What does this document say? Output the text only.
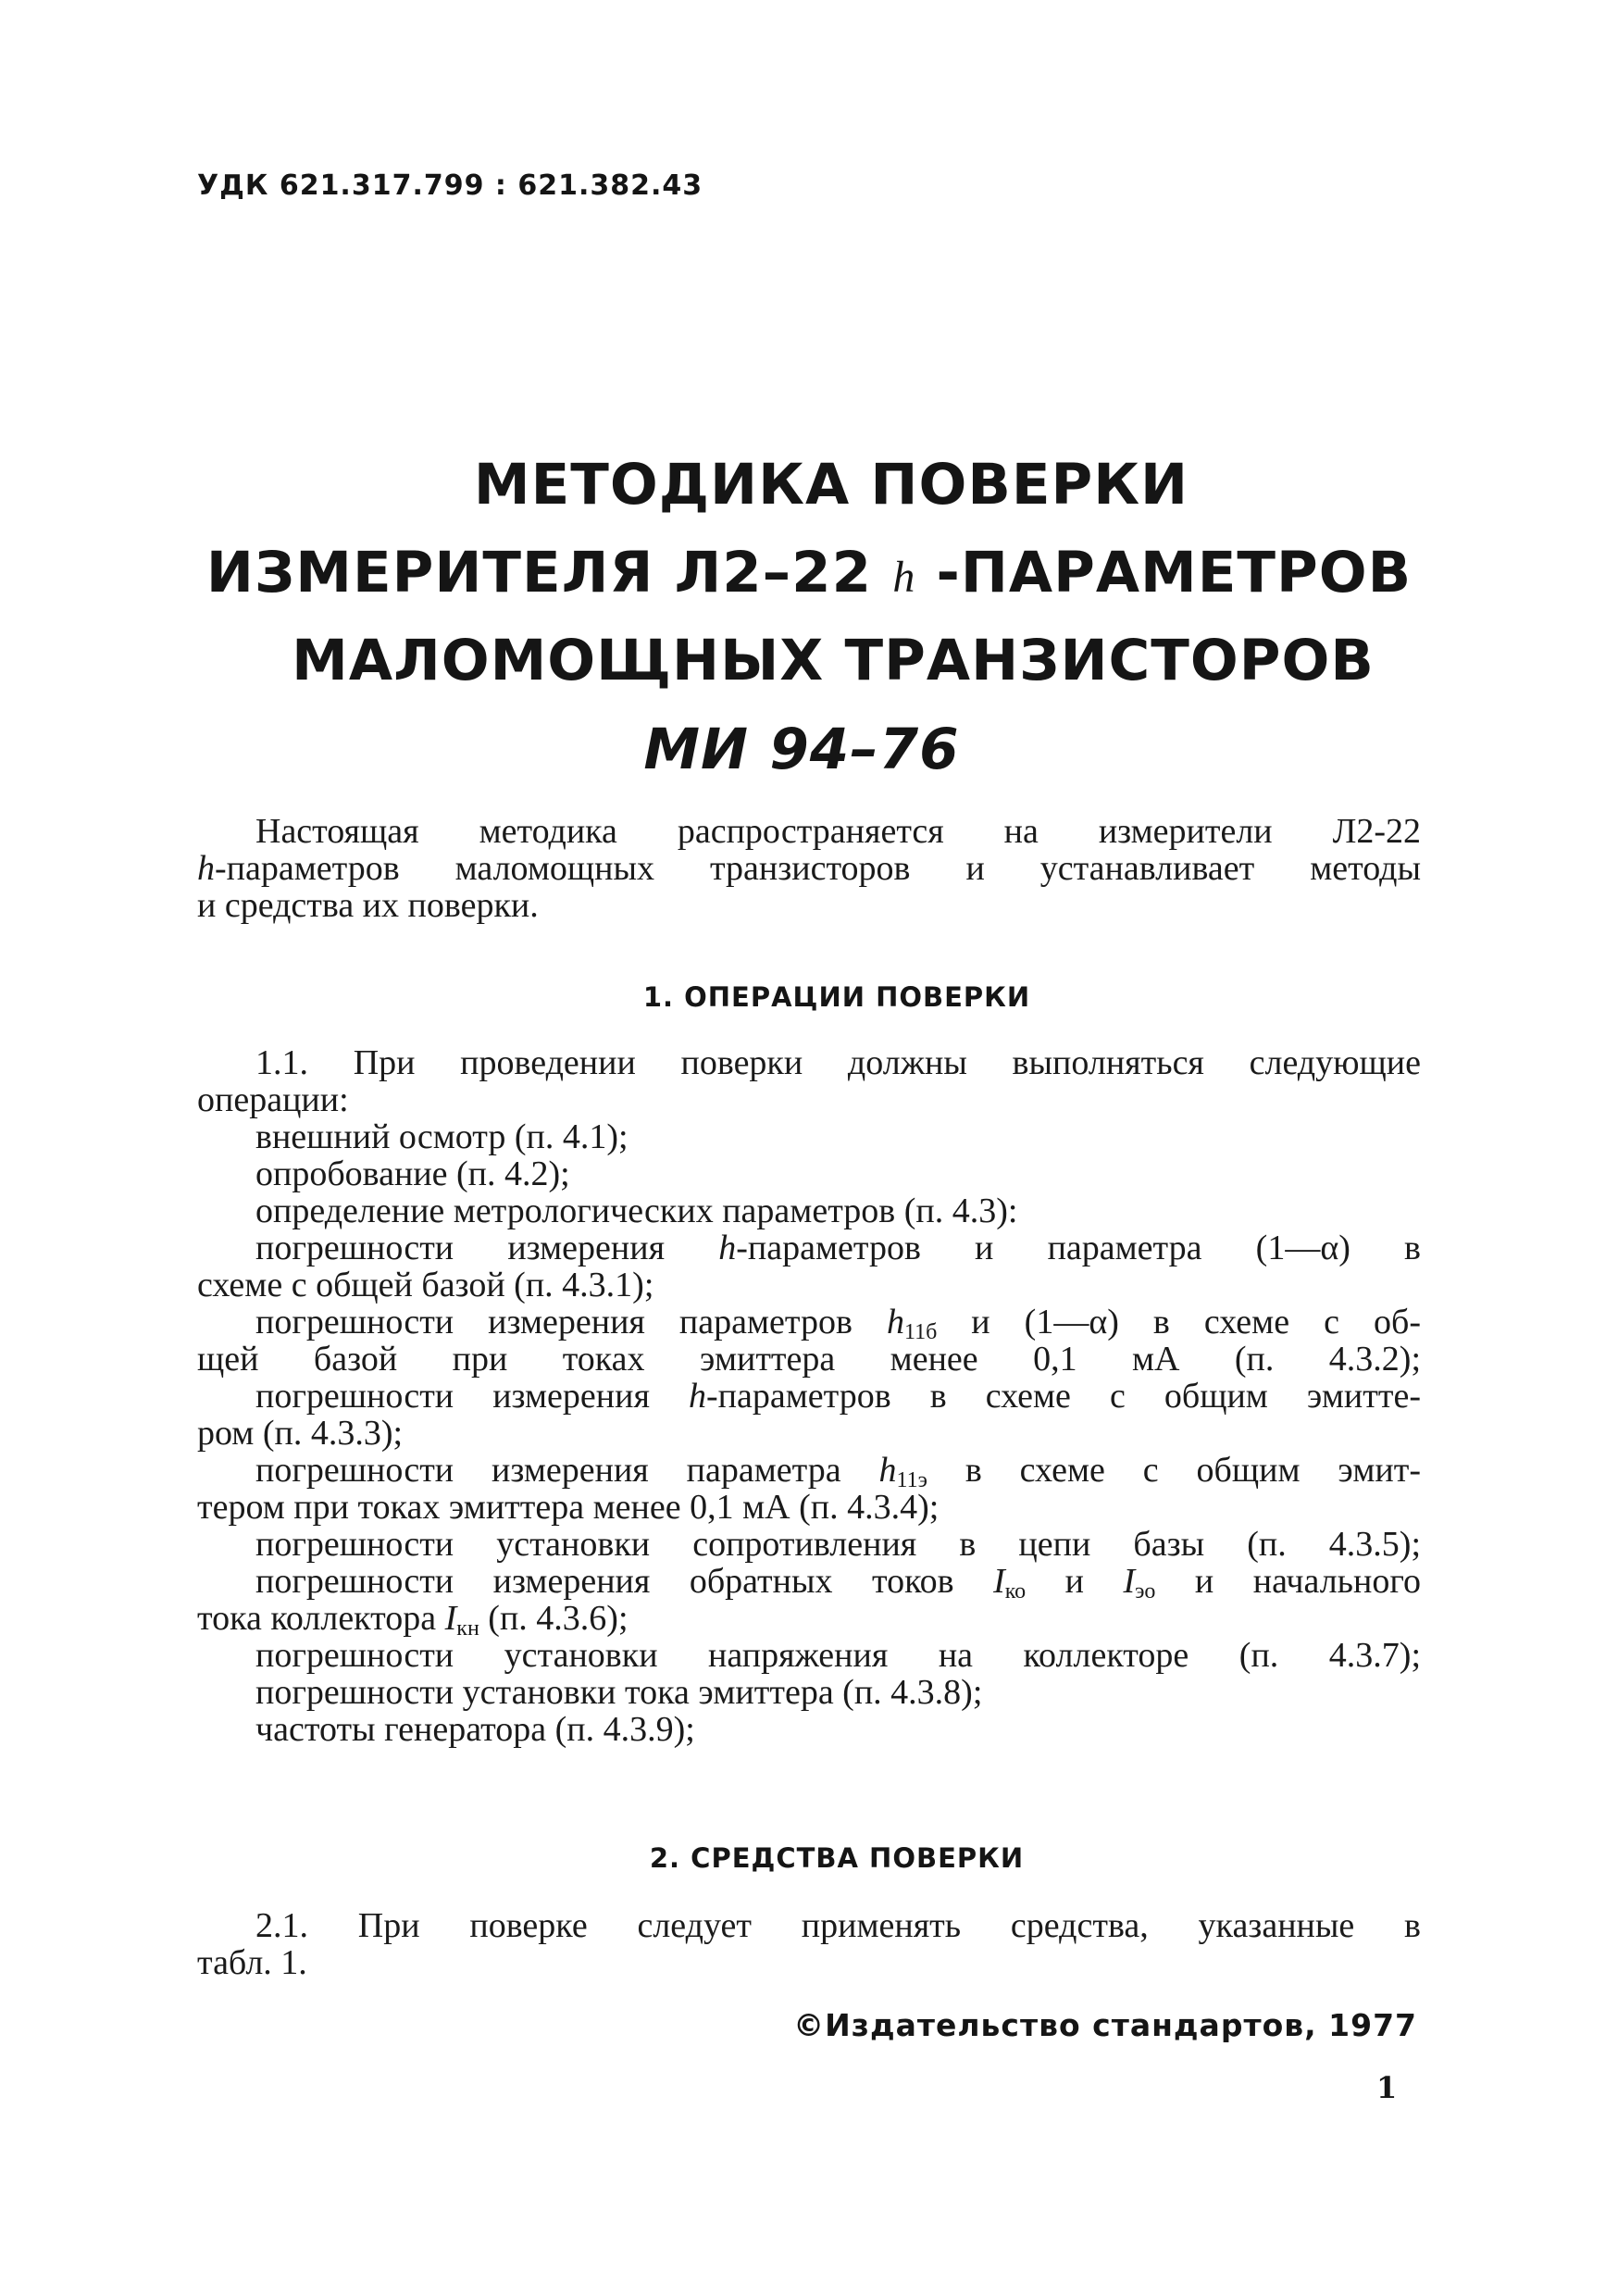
УДК 621.317.799 : 621.382.43
МЕТОДИКА ПОВЕРКИ
ИЗМЕРИТЕЛЯ Л2–22 h -ПАРАМЕТРОВ
МАЛОМОЩНЫХ ТРАНЗИСТОРОВ
МИ 94–76
Настоящая методика распространяется на измерители Л2-22
h-параметров маломощных транзисторов и устанавливает методы
и средства их поверки.
1. ОПЕРАЦИИ ПОВЕРКИ
1.1. При проведении поверки должны выполняться следующие
операции:
внешний осмотр (п. 4.1);
опробование (п. 4.2);
определение метрологических параметров (п. 4.3):
погрешности измерения h-параметров и параметра (1—α) в
схеме с общей базой (п. 4.3.1);
погрешности измерения параметров $h_{11б}$ и (1—α) в схеме с об-
щей базой при токах эмиттера менее 0,1 мА (п. 4.3.2);
погрешности измерения h-параметров в схеме с общим эмитте-
ром (п. 4.3.3);
погрешности измерения параметра $h_{11э}$ в схеме с общим эмит-
тером при токах эмиттера менее 0,1 мА (п. 4.3.4);
погрешности установки сопротивления в цепи базы (п. 4.3.5);
погрешности измерения обратных токов $I_{ко}$ и $I_{эо}$ и начального
тока коллектора $I_{кн}$ (п. 4.3.6);
погрешности установки напряжения на коллекторе (п. 4.3.7);
погрешности установки тока эмиттера (п. 4.3.8);
частоты генератора (п. 4.3.9);
2. СРЕДСТВА ПОВЕРКИ
2.1. При поверке следует применять средства, указанные в
табл. 1.
©Издательство стандартов, 1977
1
